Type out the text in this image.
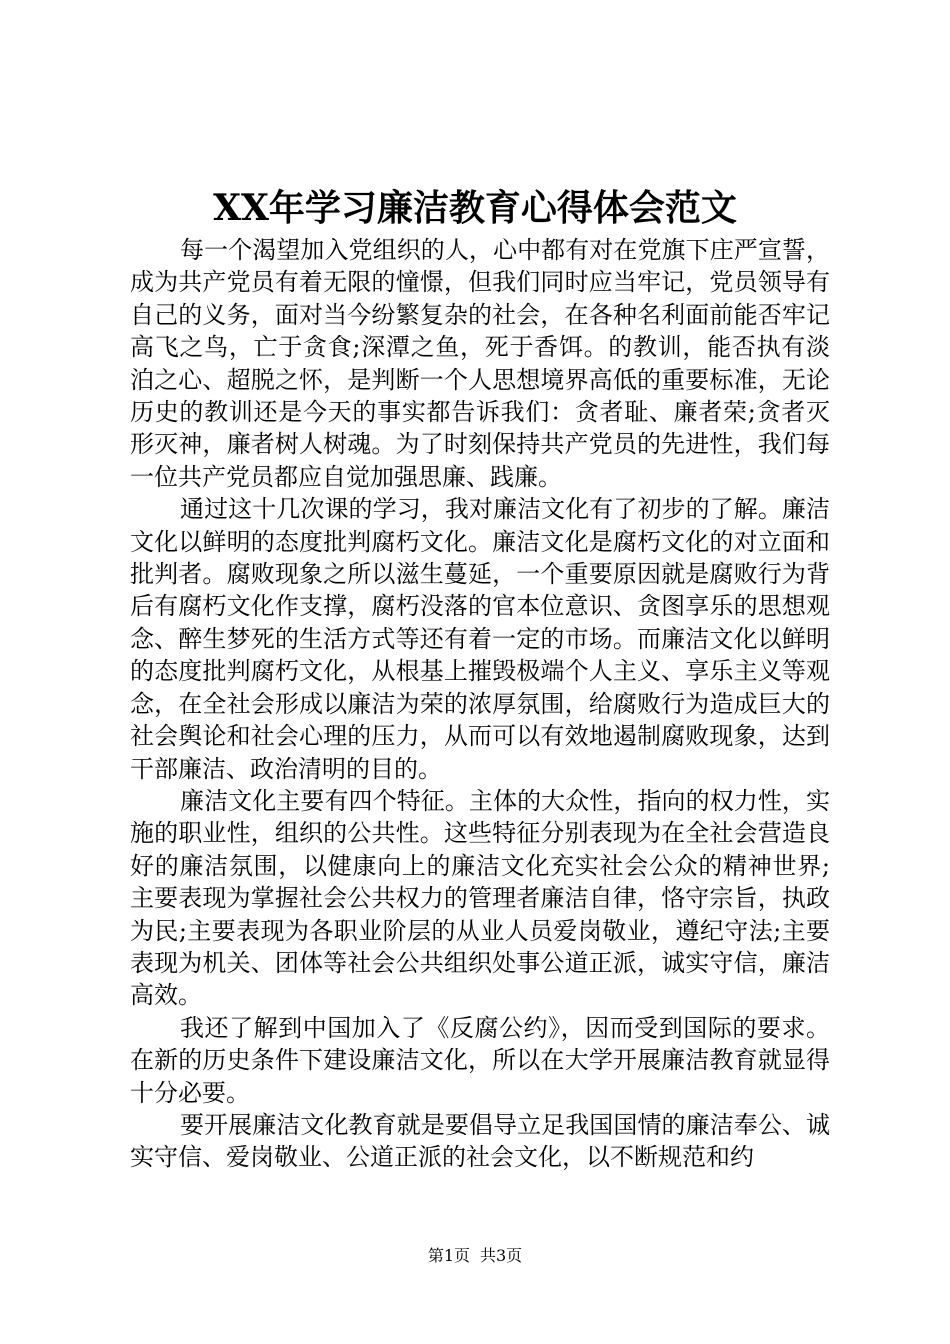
XX年学习廉洁教育心得体会范文

每一个渴望加入党组织的人，心中都有对在党旗下庄严宣誓，成为共产党员有着无限的憧憬，但我们同时应当牢记，党员领导有自己的义务，面对当今纷繁复杂的社会，在各种名利面前能否牢记高飞之鸟，亡于贪食;深潭之鱼，死于香饵。的教训，能否执有淡泊之心、超脱之怀，是判断一个人思想境界高低的重要标准，无论历史的教训还是今天的事实都告诉我们：贪者耻、廉者荣;贪者灭形灭神，廉者树人树魂。为了时刻保持共产党员的先进性，我们每一位共产党员都应自觉加强思廉、践廉。

通过这十几次课的学习，我对廉洁文化有了初步的了解。廉洁文化以鲜明的态度批判腐朽文化。廉洁文化是腐朽文化的对立面和批判者。腐败现象之所以滋生蔓延，一个重要原因就是腐败行为背后有腐朽文化作支撑，腐朽没落的官本位意识、贪图享乐的思想观念、醉生梦死的生活方式等还有着一定的市场。而廉洁文化以鲜明的态度批判腐朽文化，从根基上摧毁极端个人主义、享乐主义等观念，在全社会形成以廉洁为荣的浓厚氛围，给腐败行为造成巨大的社会舆论和社会心理的压力，从而可以有效地遏制腐败现象，达到干部廉洁、政治清明的目的。

廉洁文化主要有四个特征。主体的大众性，指向的权力性，实施的职业性，组织的公共性。这些特征分别表现为在全社会营造良好的廉洁氛围，以健康向上的廉洁文化充实社会公众的精神世界;主要表现为掌握社会公共权力的管理者廉洁自律，恪守宗旨，执政为民;主要表现为各职业阶层的从业人员爱岗敬业，遵纪守法;主要表现为机关、团体等社会公共组织处事公道正派，诚实守信，廉洁高效。

我还了解到中国加入了《反腐公约》，因而受到国际的要求。在新的历史条件下建设廉洁文化，所以在大学开展廉洁教育就显得十分必要。

要开展廉洁文化教育就是要倡导立足我国国情的廉洁奉公、诚实守信、爱岗敬业、公道正派的社会文化，以不断规范和约

第1页 共3页
